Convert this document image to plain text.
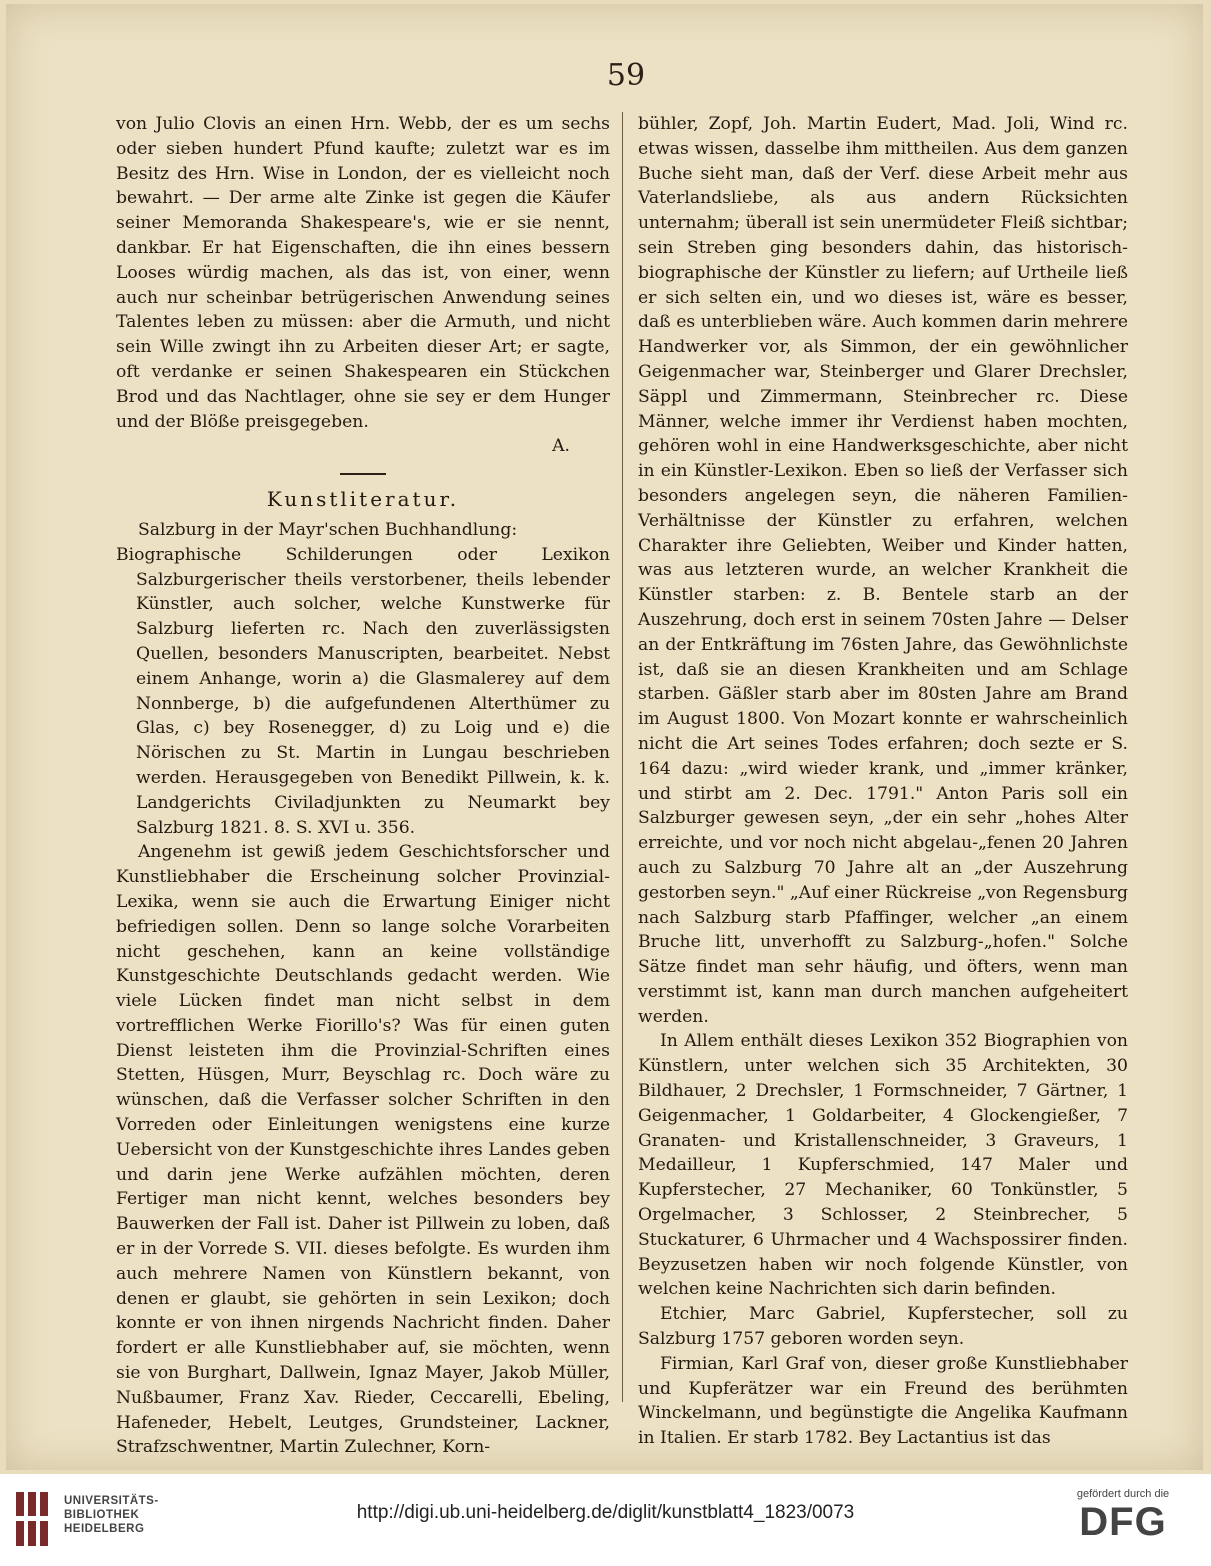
59

von Julio Clovis an einen Hrn. Webb, der es um sechs oder sieben hundert Pfund kaufte; zuletzt war es im Besitz des Hrn. Wise in London, der es vielleicht noch bewahrt. — Der arme alte Zinke ist gegen die Käufer seiner Memoranda Shakespeare's, wie er sie nennt, dankbar. Er hat Eigenschaften, die ihn eines bessern Looses würdig machen, als das ist, von einer, wenn auch nur scheinbar betrügerischen Anwendung seines Talentes leben zu müssen: aber die Armuth, und nicht sein Wille zwingt ihn zu Arbeiten dieser Art; er sagte, oft verdanke er seinen Shakespearen ein Stückchen Brod und das Nachtlager, ohne sie sey er dem Hunger und der Blöße preisgegeben.

A.

Kunstliteratur.

Salzburg in der Mayr'schen Buchhandlung:

Biographische Schilderungen oder Lexikon Salzburgerischer theils verstorbener, theils lebender Künstler, auch solcher, welche Kunstwerke für Salzburg lieferten rc. Nach den zuverlässigsten Quellen, besonders Manuscripten, bearbeitet. Nebst einem Anhange, worin a) die Glasmalerey auf dem Nonnberge, b) die aufgefundenen Alterthümer zu Glas, c) bey Rosenegger, d) zu Loig und e) die Nörischen zu St. Martin in Lungau beschrieben werden. Herausgegeben von Benedikt Pillwein, k. k. Landgerichts Civiladjunkten zu Neumarkt bey Salzburg 1821. 8. S. XVI u. 356.

Angenehm ist gewiß jedem Geschichtsforscher und Kunstliebhaber die Erscheinung solcher Provinzial-Lexika, wenn sie auch die Erwartung Einiger nicht befriedigen sollen. Denn so lange solche Vorarbeiten nicht geschehen, kann an keine vollständige Kunstgeschichte Deutschlands gedacht werden. Wie viele Lücken findet man nicht selbst in dem vortrefflichen Werke Fiorillo's? Was für einen guten Dienst leisteten ihm die Provinzial-Schriften eines Stetten, Hüsgen, Murr, Beyschlag rc. Doch wäre zu wünschen, daß die Verfasser solcher Schriften in den Vorreden oder Einleitungen wenigstens eine kurze Uebersicht von der Kunstgeschichte ihres Landes geben und darin jene Werke aufzählen möchten, deren Fertiger man nicht kennt, welches besonders bey Bauwerken der Fall ist. Daher ist Pillwein zu loben, daß er in der Vorrede S. VII. dieses befolgte. Es wurden ihm auch mehrere Namen von Künstlern bekannt, von denen er glaubt, sie gehörten in sein Lexikon; doch konnte er von ihnen nirgends Nachricht finden. Daher fordert er alle Kunstliebhaber auf, sie möchten, wenn sie von Burghart, Dallwein, Ignaz Mayer, Jakob Müller, Nußbaumer, Franz Xav. Rieder, Ceccarelli, Ebeling, Hafeneder, Hebelt, Leutges, Grundsteiner, Lackner, Strafzschwentner, Martin Zulechner, Korn-

bühler, Zopf, Joh. Martin Eudert, Mad. Joli, Wind rc. etwas wissen, dasselbe ihm mittheilen. Aus dem ganzen Buche sieht man, daß der Verf. diese Arbeit mehr aus Vaterlandsliebe, als aus andern Rücksichten unternahm; überall ist sein unermüdeter Fleiß sichtbar; sein Streben ging besonders dahin, das historisch-biographische der Künstler zu liefern; auf Urtheile ließ er sich selten ein, und wo dieses ist, wäre es besser, daß es unterblieben wäre. Auch kommen darin mehrere Handwerker vor, als Simmon, der ein gewöhnlicher Geigenmacher war, Steinberger und Glarer Drechsler, Säppl und Zimmermann, Steinbrecher rc. Diese Männer, welche immer ihr Verdienst haben mochten, gehören wohl in eine Handwerksgeschichte, aber nicht in ein Künstler-Lexikon. Eben so ließ der Verfasser sich besonders angelegen seyn, die näheren Familien-Verhältnisse der Künstler zu erfahren, welchen Charakter ihre Geliebten, Weiber und Kinder hatten, was aus letzteren wurde, an welcher Krankheit die Künstler starben: z. B. Bentele starb an der Auszehrung, doch erst in seinem 70sten Jahre — Delser an der Entkräftung im 76sten Jahre, das Gewöhnlichste ist, daß sie an diesen Krankheiten und am Schlage starben. Gäßler starb aber im 80sten Jahre am Brand im August 1800. Von Mozart konnte er wahrscheinlich nicht die Art seines Todes erfahren; doch sezte er S. 164 dazu: „wird wieder krank, und „immer kränker, und stirbt am 2. Dec. 1791." Anton Paris soll ein Salzburger gewesen seyn, „der ein sehr „hohes Alter erreichte, und vor noch nicht abgelau-„fenen 20 Jahren auch zu Salzburg 70 Jahre alt an „der Auszehrung gestorben seyn." „Auf einer Rückreise „von Regensburg nach Salzburg starb Pfaffinger, welcher „an einem Bruche litt, unverhofft zu Salzburg-„hofen." Solche Sätze findet man sehr häufig, und öfters, wenn man verstimmt ist, kann man durch manchen aufgeheitert werden.

In Allem enthält dieses Lexikon 352 Biographien von Künstlern, unter welchen sich 35 Architekten, 30 Bildhauer, 2 Drechsler, 1 Formschneider, 7 Gärtner, 1 Geigenmacher, 1 Goldarbeiter, 4 Glockengießer, 7 Granaten- und Kristallenschneider, 3 Graveurs, 1 Medailleur, 1 Kupferschmied, 147 Maler und Kupferstecher, 27 Mechaniker, 60 Tonkünstler, 5 Orgelmacher, 3 Schlosser, 2 Steinbrecher, 5 Stuckaturer, 6 Uhrmacher und 4 Wachspossirer finden. Beyzusetzen haben wir noch folgende Künstler, von welchen keine Nachrichten sich darin befinden.

Etchier, Marc Gabriel, Kupferstecher, soll zu Salzburg 1757 geboren worden seyn.

Firmian, Karl Graf von, dieser große Kunstliebhaber und Kupferätzer war ein Freund des berühmten Winckelmann, und begünstigte die Angelika Kaufmann in Italien. Er starb 1782. Bey Lactantius ist das

UNIVERSITÄTS-
BIBLIOTHEK
HEIDELBERG
http://digi.ub.uni-heidelberg.de/diglit/kunstblatt4_1823/0073
gefördert durch die
DFG
